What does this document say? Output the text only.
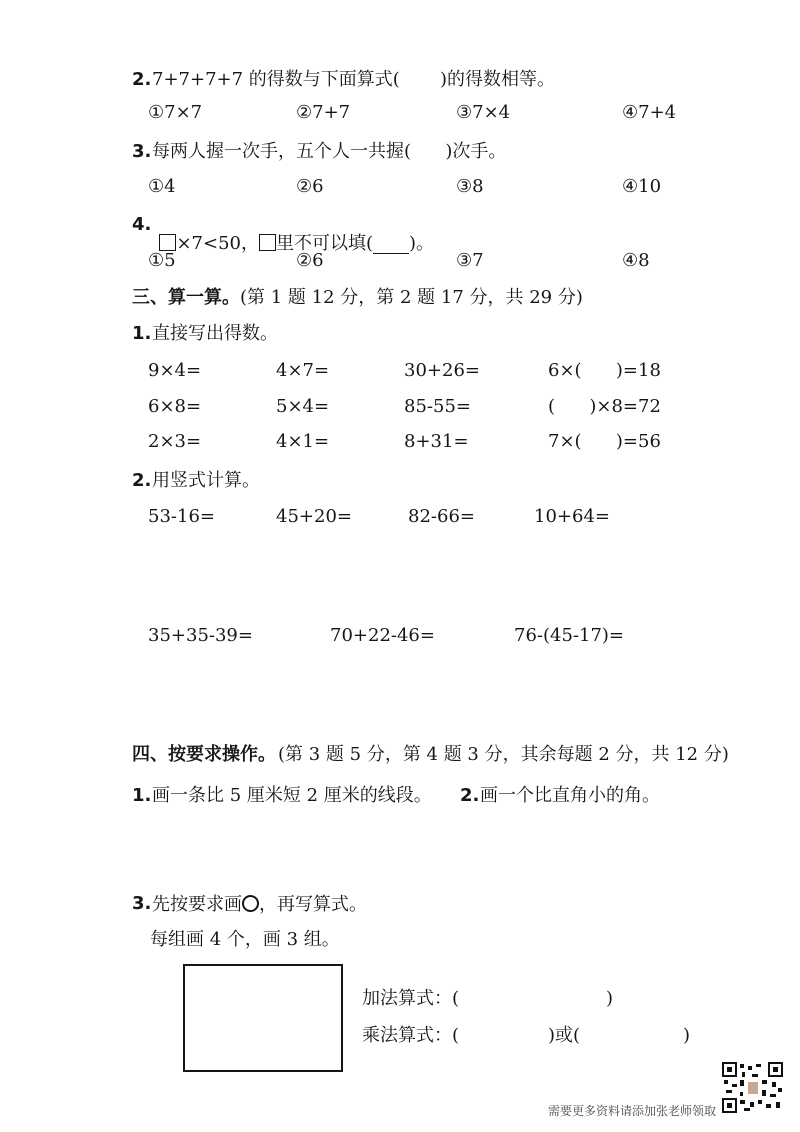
2. 7+7+7+7 的得数与下面算式( )的得数相等。
①7×7	②7+7	③7×4	④7+4
3. 每两人握一次手，五个人一共握(      )次手。
①4	②6	③8	④10
4.

×7<50， 里不可以填( )。

①5	②6	③7	④8
三、算一算。 (第 1 题 12 分，第 2 题 17 分，共 29 分)
1. 直接写出得数。
9×4=	4×7=	30+26=	6×(      )=18
6×8=	5×4=	85-55=	(      )×8=72
2×3=	4×1=	8+31=	7×(      )=56
2. 用竖式计算。
53-16=	45+20=	82-66=	10+64=
35+35-39=	70+22-46=	76-(45-17)=
四、按要求操作。 (第 3 题 5 分，第 4 题 3 分，其余每题 2 分，共 12 分)
1. 画一条比 5 厘米短 2 厘米的线段。 2. 画一个比直角小的角。
3. 先按要求画 ，再写算式。
每组画 4 个，画 3 组。
加法算式：(	)
乘法算式：(	)或(	)
需要更多资料请添加张老师领取
